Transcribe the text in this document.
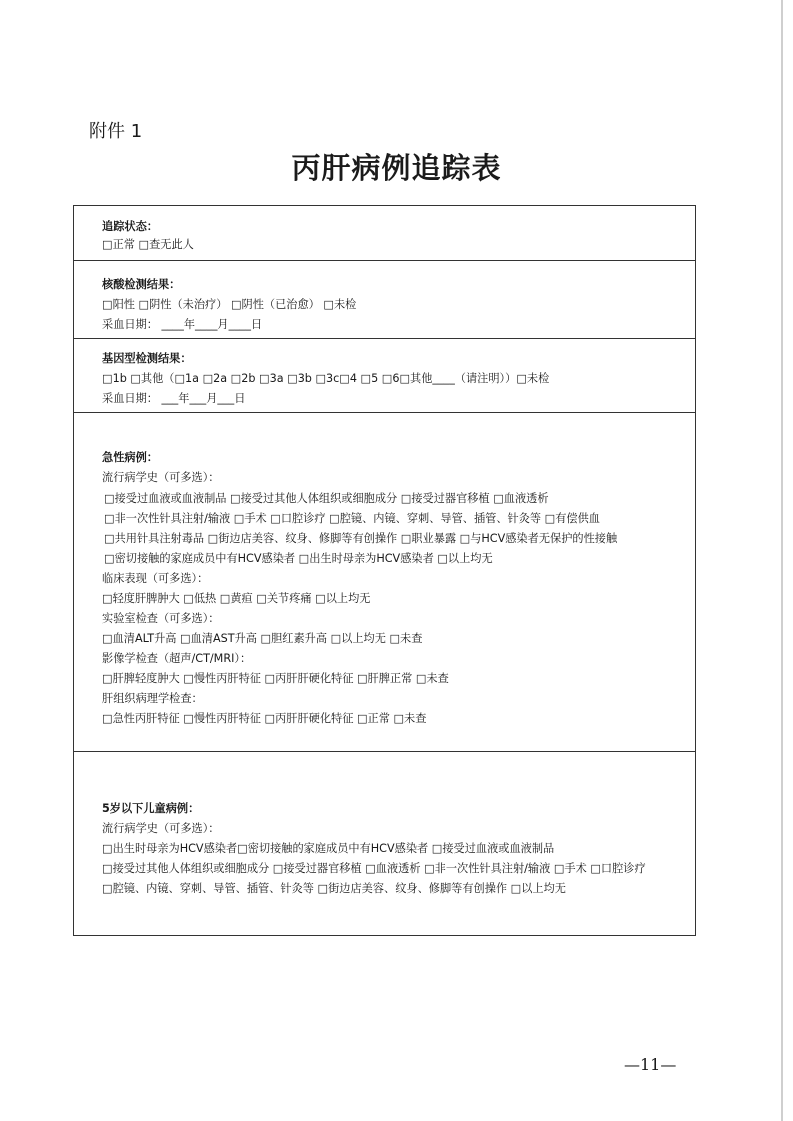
附件 1
丙肝病例追踪表
追踪状态：
□正常 □查无此人
核酸检测结果：
□阳性 □阴性（未治疗） □阴性（已治愈） □未检
采血日期： ____年____月____日
基因型检测结果：
□1b □其他（□1a □2a □2b □3a □3b □3c□4 □5 □6□其他____（请注明））□未检
采血日期： ___年___月___日
急性病例：
流行病学史（可多选）：
□接受过血液或血液制品 □接受过其他人体组织或细胞成分 □接受过器官移植 □血液透析
□非一次性针具注射/输液 □手术 □口腔诊疗 □腔镜、内镜、穿刺、导管、插管、针灸等 □有偿供血
□共用针具注射毒品 □街边店美容、纹身、修脚等有创操作 □职业暴露 □与HCV感染者无保护的性接触
□密切接触的家庭成员中有HCV感染者 □出生时母亲为HCV感染者 □以上均无
临床表现（可多选）：
□轻度肝脾肿大 □低热 □黄疸 □关节疼痛 □以上均无
实验室检查（可多选）：
□血清ALT升高 □血清AST升高 □胆红素升高 □以上均无 □未查
影像学检查（超声/CT/MRI）：
□肝脾轻度肿大 □慢性丙肝特征 □丙肝肝硬化特征 □肝脾正常 □未查
肝组织病理学检查：
□急性丙肝特征 □慢性丙肝特征 □丙肝肝硬化特征 □正常 □未查
5岁以下儿童病例：
流行病学史（可多选）：
□出生时母亲为HCV感染者□密切接触的家庭成员中有HCV感染者 □接受过血液或血液制品
□接受过其他人体组织或细胞成分 □接受过器官移植 □血液透析 □非一次性针具注射/输液 □手术 □口腔诊疗
□腔镜、内镜、穿刺、导管、插管、针灸等 □街边店美容、纹身、修脚等有创操作 □以上均无
—11—
